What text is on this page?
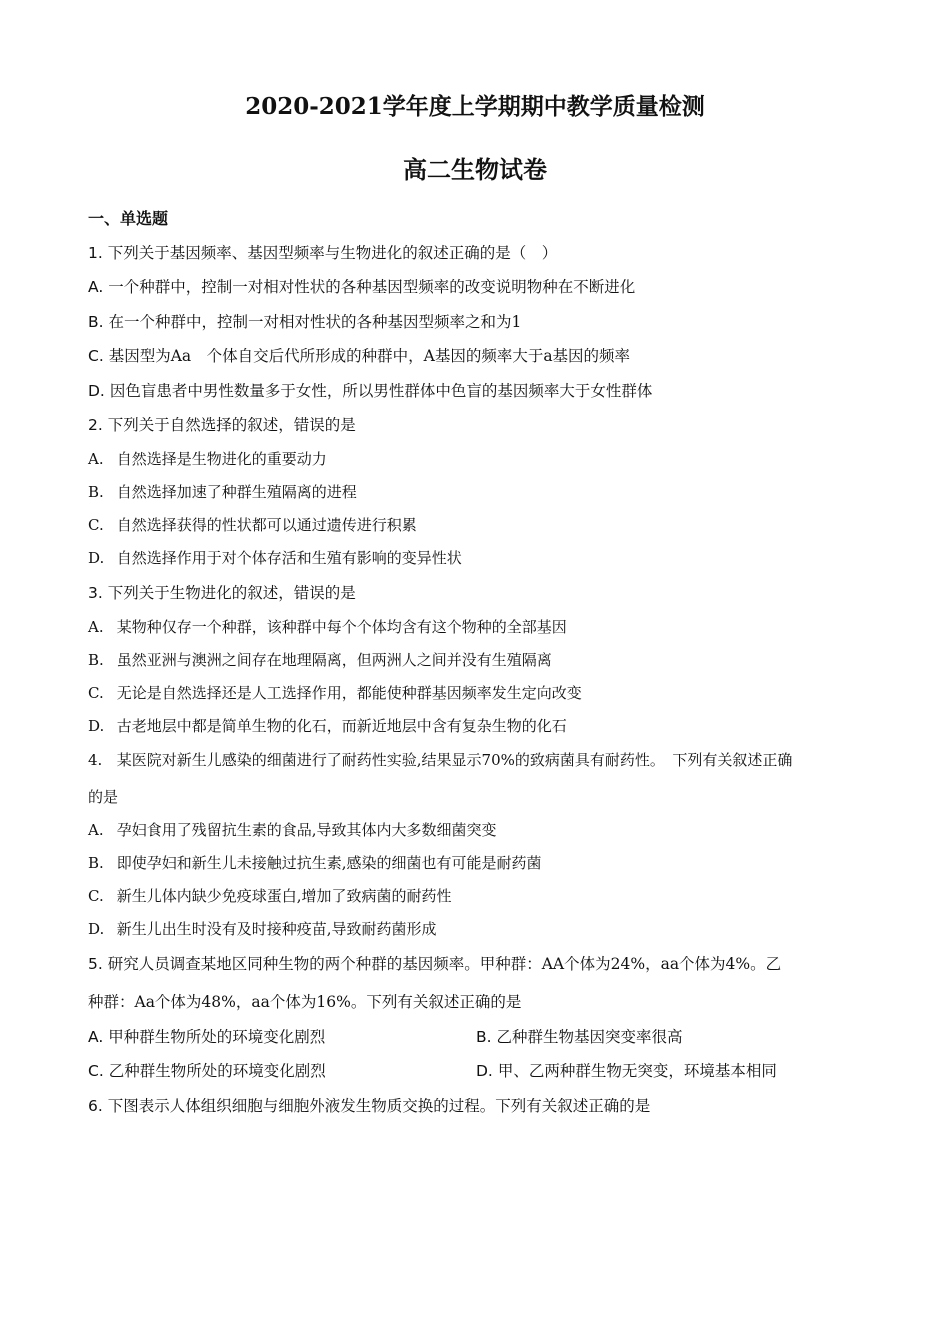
2020-2021学年度上学期期中教学质量检测
高二生物试卷
一、单选题
1. 下列关于基因频率、基因型频率与生物进化的叙述正确的是（　）
A. 一个种群中，控制一对相对性状的各种基因型频率的改变说明物种在不断进化
B. 在一个种群中，控制一对相对性状的各种基因型频率之和为1
C. 基因型为Aa　个体自交后代所形成的种群中，A基因的频率大于a基因的频率
D. 因色盲患者中男性数量多于女性，所以男性群体中色盲的基因频率大于女性群体
2. 下列关于自然选择的叙述，错误的是
A. 自然选择是生物进化的重要动力
B. 自然选择加速了种群生殖隔离的进程
C. 自然选择获得的性状都可以通过遗传进行积累
D. 自然选择作用于对个体存活和生殖有影响的变异性状
3. 下列关于生物进化的叙述，错误的是
A. 某物种仅存一个种群，该种群中每个个体均含有这个物种的全部基因
B. 虽然亚洲与澳洲之间存在地理隔离，但两洲人之间并没有生殖隔离
C. 无论是自然选择还是人工选择作用，都能使种群基因频率发生定向改变
D. 古老地层中都是简单生物的化石，而新近地层中含有复杂生物的化石
4. 某医院对新生儿感染的细菌进行了耐药性实验,结果显示70%的致病菌具有耐药性。　下列有关叙述正确
的是
A. 孕妇食用了残留抗生素的食品,导致其体内大多数细菌突变
B. 即使孕妇和新生儿未接触过抗生素,感染的细菌也有可能是耐药菌
C. 新生儿体内缺少免疫球蛋白,增加了致病菌的耐药性
D. 新生儿出生时没有及时接种疫苗,导致耐药菌形成
5. 研究人员调查某地区同种生物的两个种群的基因频率。甲种群：AA个体为24%，aa个体为4%。乙
种群：Aa个体为48%，aa个体为16%。下列有关叙述正确的是
A. 甲种群生物所处的环境变化剧烈	B. 乙种群生物基因突变率很高
C. 乙种群生物所处的环境变化剧烈	D. 甲、乙两种群生物无突变，环境基本相同
6. 下图表示人体组织细胞与细胞外液发生物质交换的过程。下列有关叙述正确的是
